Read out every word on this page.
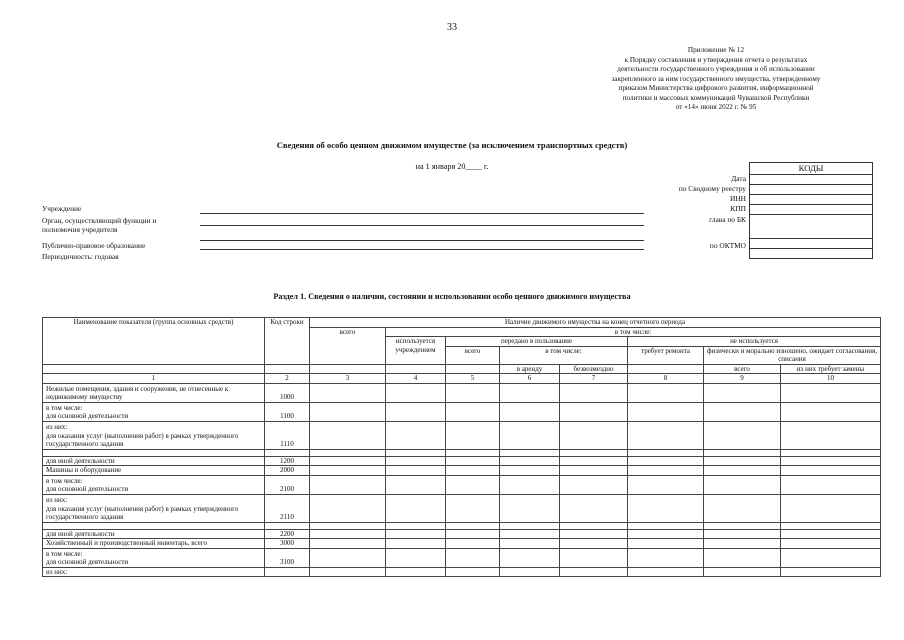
33
Приложение № 12
к Порядку составления и утверждения отчета о результатах
деятельности государственного учреждения и об использовании
закрепленного за ним государственного имущества, утвержденному
приказом Министерства цифрового развития, информационной
политики и массовых коммуникаций Чувашской Республики
от «14» июня 2022 г. № 95
Сведения об особо ценном движимом имуществе (за исключением транспортных средств)
на 1 января 20____ г.
Учреждение
Орган, осуществляющий функции и полномочия учредителя
Публично-правовое образование
Периодичность: годовая
Дата
по Сводному реестру
ИНН
КПП
глава по БК
по ОКТМО
КОДЫ

Раздел 1. Сведения о наличии, состоянии и использовании особо ценного движимого имущества
Наименование показателя (группа основных средств)	Код строки	Наличие движимого имущества на конец отчетного периода							
		всего	в том числе:						
			используется учреждением	передано в пользование			не используется		
				всего	в том числе:		требует ремонта	физически и морально изношено, ожидает согласования, списания	
					в аренду	безвозмездно		всего	из них требует замены
1	2	3	4	5	6	7	8	9	10
Нежилые помещения, здания и сооружения, не отнесенные к недвижимому имуществу	1000								
в том числе:
для основной деятельности	1100								
из них:
для оказания услуг (выполнения работ) в рамках утвержденного государственного задания	1110								

для иной деятельности	1200								
Машины и оборудование	2000								
в том числе:
для основной деятельности	2100								
из них:
для оказания услуг (выполнения работ) в рамках утвержденного государственного задания	2110								

для иной деятельности	2200								
Хозяйственный и производственный инвентарь, всего	3000								
в том числе:
для основной деятельности	3100								
из них:									
